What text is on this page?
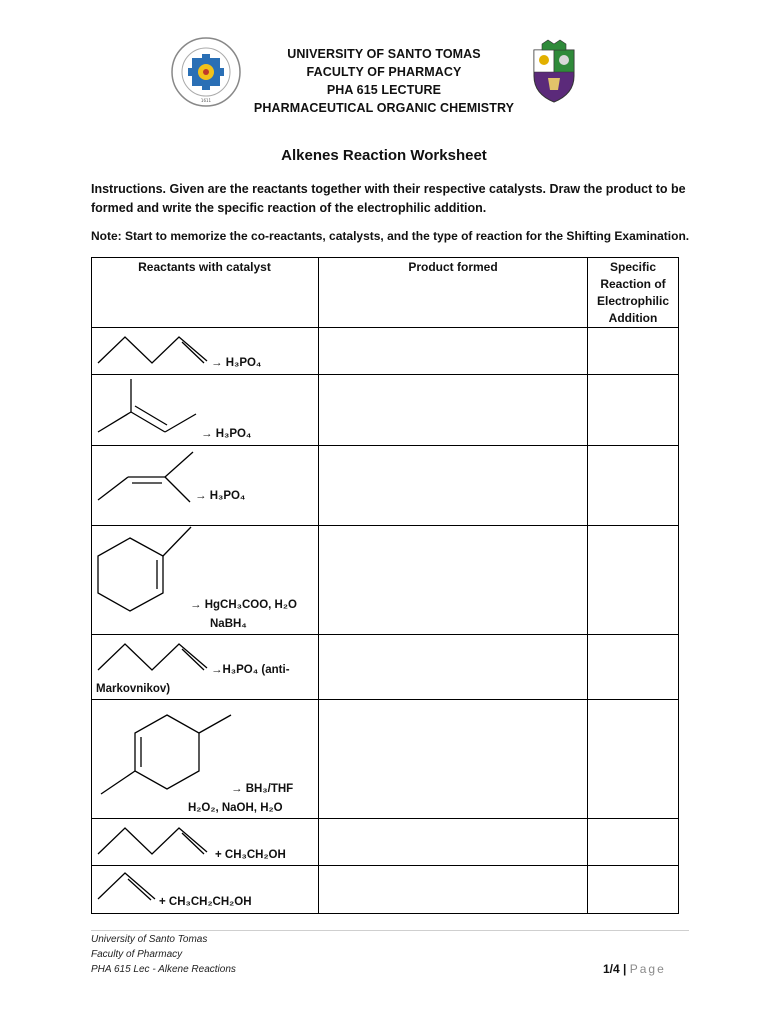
1611
UNIVERSITY OF SANTO TOMAS
FACULTY OF PHARMACY
PHA 615 LECTURE
PHARMACEUTICAL ORGANIC CHEMISTRY
Alkenes Reaction Worksheet
Instructions. Given are the reactants together with their respective catalysts. Draw the product to be
formed and write the specific reaction of the electrophilic addition.
Note: Start to memorize the co-reactants, catalysts, and the type of reaction for the Shifting Examination.
Reactants with catalyst	Product formed	Specific
Reaction of
Electrophilic
Addition
→ H₃PO₄
→ H₃PO₄
→ H₃PO₄
→ HgCH₃COO, H₂O
NaBH₄
→H₃PO₄ (anti-
Markovnikov)
→ BH₃/THF
H₂O₂, NaOH, H₂O
+ CH₃CH₂OH
+ CH₃CH₂CH₂OH
University of Santo Tomas
Faculty of Pharmacy
PHA 615 Lec - Alkene Reactions	1/4 | Page
